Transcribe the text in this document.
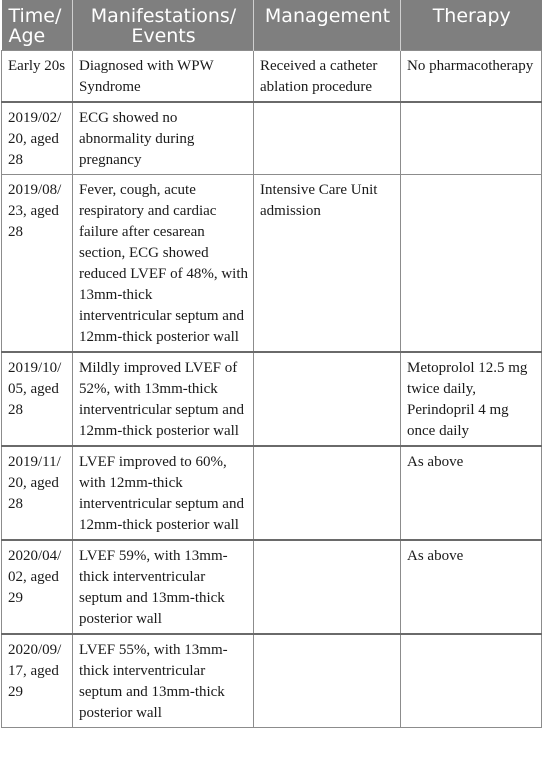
Time/
Age	Manifestations/
Events	Management	Therapy
Early 20s	Diagnosed with WPW Syndrome	Received a catheter ablation procedure	No pharmacotherapy
2019/02/
20, aged
28	ECG showed no abnormality during pregnancy		
2019/08/
23, aged
28	Fever, cough, acute respiratory and cardiac failure after cesarean section, ECG showed reduced LVEF of 48%, with 13mm-thick interventricular septum and 12mm-thick posterior wall	Intensive Care Unit admission	
2019/10/
05, aged
28	Mildly improved LVEF of 52%, with 13mm-thick interventricular septum and 12mm-thick posterior wall		Metoprolol 12.5 mg twice daily, Perindopril 4 mg once daily
2019/11/
20, aged
28	LVEF improved to 60%, with 12mm-thick interventricular septum and 12mm-thick posterior wall		As above
2020/04/
02, aged
29	LVEF 59%, with 13mm-thick interventricular septum and 13mm-thick posterior wall		As above
2020/09/
17, aged
29	LVEF 55%, with 13mm-thick interventricular septum and 13mm-thick posterior wall		
